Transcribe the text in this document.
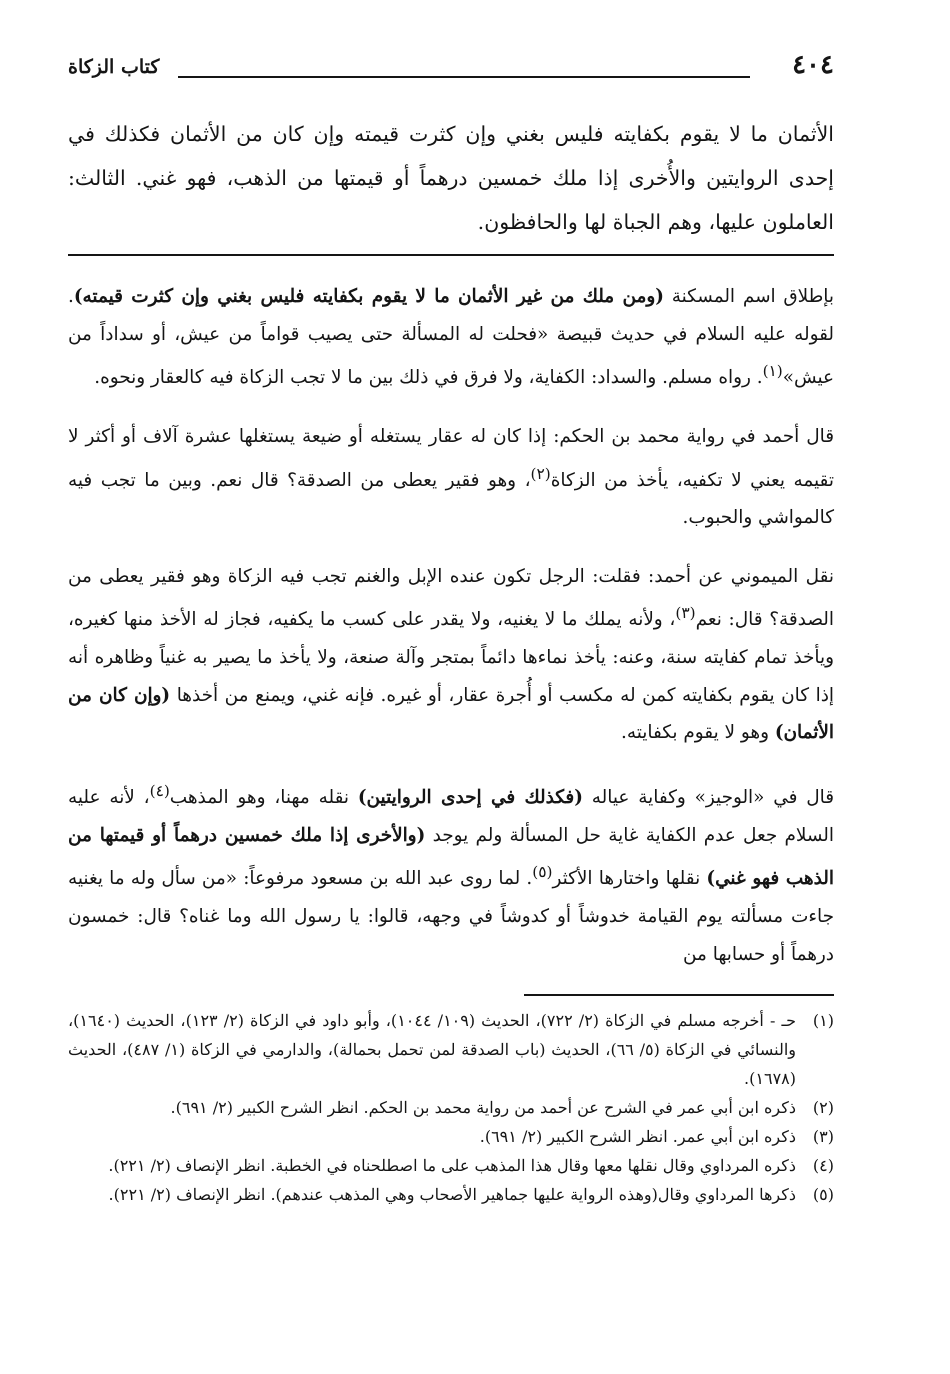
٤٠٤
كتاب الزكاة

الأثمان ما لا يقوم بكفايته فليس بغني وإن كثرت قيمته وإن كان من الأثمان فكذلك في إحدى الروايتين والأُخرى إذا ملك خمسين درهماً أو قيمتها من الذهب، فهو غني. الثالث: العاملون عليها، وهم الجباة لها والحافظون.

بإطلاق اسم المسكنة (ومن ملك من غير الأثمان ما لا يقوم بكفايته فليس بغني وإن كثرت قيمته). لقوله عليه السلام في حديث قبيصة «فحلت له المسألة حتى يصيب قواماً من عيش، أو سداداً من عيش»$^{(١)}$. رواه مسلم. والسداد: الكفاية، ولا فرق في ذلك بين ما لا تجب الزكاة فيه كالعقار ونحوه.

قال أحمد في رواية محمد بن الحكم: إذا كان له عقار يستغله أو ضيعة يستغلها عشرة آلاف أو أكثر لا تقيمه يعني لا تكفيه، يأخذ من الزكاة$^{(٢)}$، وهو فقير يعطى من الصدقة؟ قال نعم. وبين ما تجب فيه كالمواشي والحبوب.

نقل الميموني عن أحمد: فقلت: الرجل تكون عنده الإبل والغنم تجب فيه الزكاة وهو فقير يعطى من الصدقة؟ قال: نعم$^{(٣)}$، ولأنه يملك ما لا يغنيه، ولا يقدر على كسب ما يكفيه، فجاز له الأخذ منها كغيره، ويأخذ تمام كفايته سنة، وعنه: يأخذ نماءها دائماً بمتجر وآلة صنعة، ولا يأخذ ما يصير به غنياً وظاهره أنه إذا كان يقوم بكفايته كمن له مكسب أو أُجرة عقار، أو غيره. فإنه غني، ويمنع من أخذها (وإن كان من الأثمان) وهو لا يقوم بكفايته.

قال في «الوجيز» وكفاية عياله (فكذلك في إحدى الروايتين) نقله مهنا، وهو المذهب$^{(٤)}$، لأنه عليه السلام جعل عدم الكفاية غاية حل المسألة ولم يوجد (والأخرى إذا ملك خمسين درهماً أو قيمتها من الذهب فهو غني) نقلها واختارها الأكثر$^{(٥)}$. لما روى عبد الله بن مسعود مرفوعاً: «من سأل وله ما يغنيه جاءت مسألته يوم القيامة خدوشاً أو كدوشاً في وجهه، قالوا: يا رسول الله وما غناه؟ قال: خمسون درهماً أو حسابها من

(١)
حـ - أخرجه مسلم في الزكاة (٢/ ٧٢٢)، الحديث (١٠٩/ ١٠٤٤)، وأبو داود في الزكاة (٢/ ١٢٣)، الحديث (١٦٤٠)، والنسائي في الزكاة (٥/ ٦٦)، الحديث (باب الصدقة لمن تحمل بحمالة)، والدارمي في الزكاة (١/ ٤٨٧)، الحديث (١٦٧٨).
(٢)
ذكره ابن أبي عمر في الشرح عن أحمد من رواية محمد بن الحكم. انظر الشرح الكبير (٢/ ٦٩١).
(٣)
ذكره ابن أبي عمر. انظر الشرح الكبير (٢/ ٦٩١).
(٤)
ذكره المرداوي وقال نقلها معها وقال هذا المذهب على ما اصطلحناه في الخطبة. انظر الإنصاف (٢/ ٢٢١).
(٥)
ذكرها المرداوي وقال(وهذه الرواية عليها جماهير الأصحاب وهي المذهب عندهم). انظر الإنصاف (٢/ ٢٢١).
